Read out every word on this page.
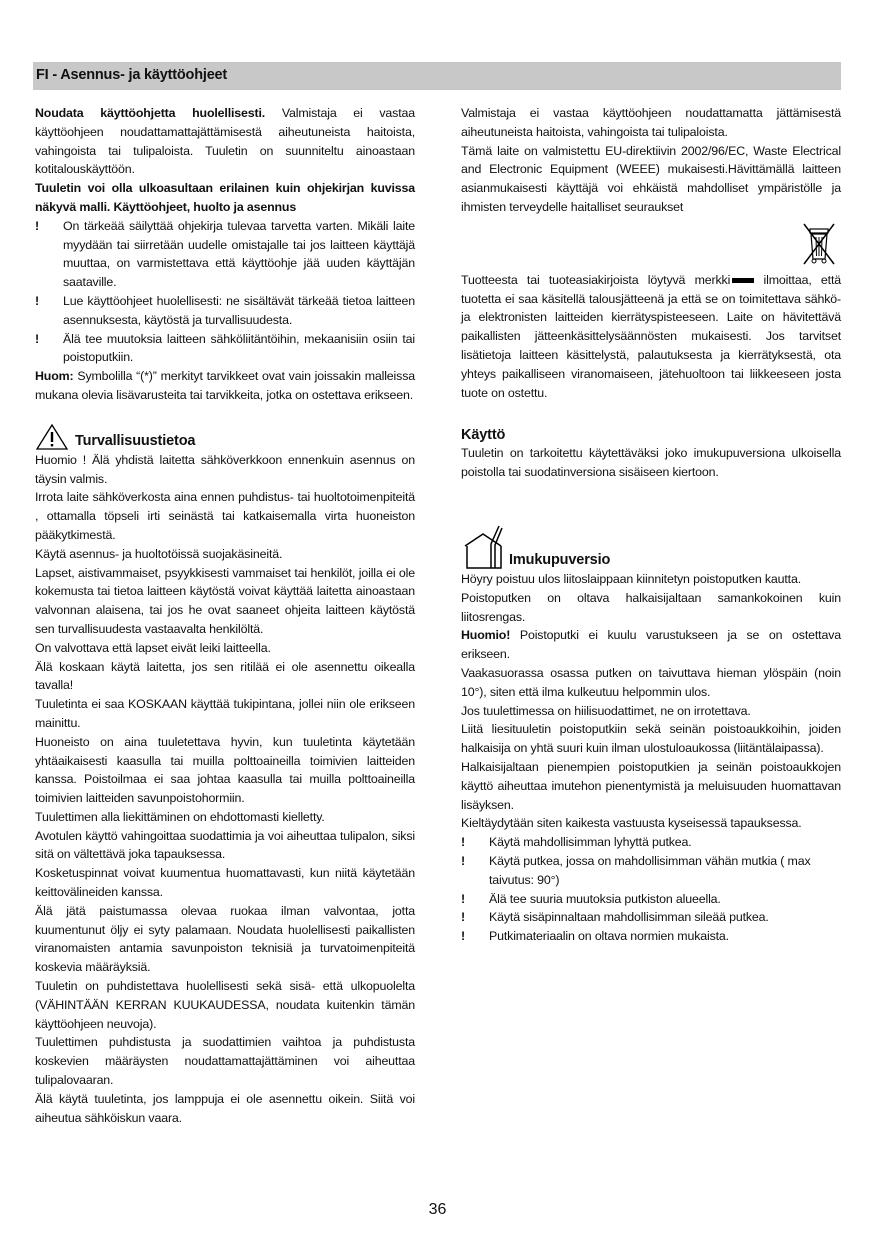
FI - Asennus- ja käyttöohjeet

Noudata käyttöohjetta huolellisesti. Valmistaja ei vastaa käyttöohjeen noudattamattajättämisestä aiheutuneista haitoista, vahingoista tai tulipaloista. Tuuletin on suunniteltu ainoastaan kotitalouskäyttöön.

Tuuletin voi olla ulkoasultaan erilainen kuin ohjekirjan kuvissa näkyvä malli. Käyttöohjeet, huolto ja asennus

!	On tärkeää säilyttää ohjekirja tulevaa tarvetta varten. Mikäli laite myydään tai siirretään uudelle omistajalle tai jos laitteen käyttäjä muuttaa, on varmistettava että käyttöohje jää uuden käyttäjän saataville.
!	Lue käyttöohjeet huolellisesti: ne sisältävät tärkeää tietoa laitteen asennuksesta, käytöstä ja turvallisuudesta.
!	Älä tee muutoksia laitteen sähköliitäntöihin, mekaanisiin osiin tai poistoputkiin.

Huom: Symbolilla “(*)” merkityt tarvikkeet ovat vain joissakin malleissa mukana olevia lisävarusteita tai tarvikkeita, jotka on ostettava erikseen.

Turvallisuustietoa

Huomio ! Älä yhdistä laitetta sähköverkkoon ennenkuin asennus on täysin valmis.

Irrota laite sähköverkosta aina ennen puhdistus- tai huoltotoimenpiteitä , ottamalla töpseli irti seinästä tai katkaisemalla virta huoneiston pääkytkimestä.

Käytä asennus- ja huoltotöissä suojakäsineitä.

Lapset, aistivammaiset, psyykkisesti vammaiset tai henkilöt, joilla ei ole kokemusta tai tietoa laitteen käytöstä voivat käyttää laitetta ainoastaan valvonnan alaisena, tai jos he ovat saaneet ohjeita laitteen käytöstä sen turvallisuudesta vastaavalta henkilöltä.

On valvottava että lapset eivät leiki laitteella.

Älä koskaan käytä laitetta, jos sen ritilää ei ole asennettu oikealla tavalla!

Tuuletinta ei saa KOSKAAN käyttää tukipintana, jollei niin ole erikseen mainittu.

Huoneisto on aina tuuletettava hyvin, kun tuuletinta käytetään yhtäaikaisesti kaasulla tai muilla polttoaineilla toimivien laitteiden kanssa. Poistoilmaa ei saa johtaa kaasulla tai muilla polttoaineilla toimivien laitteiden savunpoistohormiin.

Tuulettimen alla liekittäminen on ehdottomasti kielletty.

Avotulen käyttö vahingoittaa suodattimia ja voi aiheuttaa tulipalon, siksi sitä on vältettävä joka tapauksessa.

Kosketuspinnat voivat kuumentua huomattavasti, kun niitä käytetään keittovälineiden kanssa.

Älä jätä paistumassa olevaa ruokaa ilman valvontaa, jotta kuumentunut öljy ei syty palamaan. Noudata huolellisesti paikallisten viranomaisten antamia savunpoiston teknisiä ja turvatoimenpiteitä koskevia määräyksiä.

Tuuletin on puhdistettava huolellisesti sekä sisä- että ulkopuolelta (VÄHINTÄÄN KERRAN KUUKAUDESSA, noudata kuitenkin tämän käyttöohjeen neuvoja).

Tuulettimen puhdistusta ja suodattimien vaihtoa ja puhdistusta koskevien määräysten noudattamattajättäminen voi aiheuttaa tulipalovaaran.

Älä käytä tuuletinta, jos lamppuja ei ole asennettu oikein. Siitä voi aiheutua sähköiskun vaara.

Valmistaja ei vastaa käyttöohjeen noudattamatta jättämisestä aiheutuneista haitoista, vahingoista tai tulipaloista.

Tämä laite on valmistettu EU-direktiivin 2002/96/EC, Waste Electrical and Electronic Equipment (WEEE) mukaisesti.Hävittämällä laitteen asianmukaisesti käyttäjä voi ehkäistä mahdolliset ympäristölle ja ihmisten terveydelle haitalliset seuraukset

Tuotteesta tai tuoteasiakirjoista löytyvä merkki ilmoittaa, että tuotetta ei saa käsitellä talousjätteenä ja että se on toimitettava sähkö- ja elektronisten laitteiden kierrätyspisteeseen. Laite on hävitettävä paikallisten jätteenkäsittelysäännösten mukaisesti. Jos tarvitset lisätietoja laitteen käsittelystä, palautuksesta ja kierrätyksestä, ota yhteys paikalliseen viranomaiseen, jätehuoltoon tai liikkeeseen josta tuote on ostettu.

Käyttö

Tuuletin on tarkoitettu käytettäväksi joko imukupuversiona ulkoisella poistolla tai suodatinversiona sisäiseen kiertoon.

Imukupuversio

Höyry poistuu ulos liitoslaippaan kiinnitetyn poistoputken kautta.

Poistoputken on oltava halkaisijaltaan samankokoinen kuin liitosrengas.

Huomio! Poistoputki ei kuulu varustukseen ja se on ostettava erikseen.

Vaakasuorassa osassa putken on taivuttava hieman ylöspäin (noin 10°), siten että ilma kulkeutuu helpommin ulos.

Jos tuulettimessa on hiilisuodattimet, ne on irrotettava.

Liitä liesituuletin poistoputkiin sekä seinän poistoaukkoihin, joiden halkaisija on yhtä suuri kuin ilman ulostuloaukossa (liitäntälaipassa).

Halkaisijaltaan pienempien poistoputkien ja seinän poistoaukkojen käyttö aiheuttaa imutehon pienentymistä ja meluisuuden huomattavan lisäyksen.

Kieltäydytään siten kaikesta vastuusta kyseisessä tapauksessa.

!	Käytä mahdollisimman lyhyttä putkea.
!	Käytä putkea, jossa on mahdollisimman vähän mutkia ( max taivutus: 90°)
!	Älä tee suuria muutoksia putkiston alueella.
!	Käytä sisäpinnaltaan mahdollisimman sileää putkea.
!	Putkimateriaalin on oltava normien mukaista.
36
